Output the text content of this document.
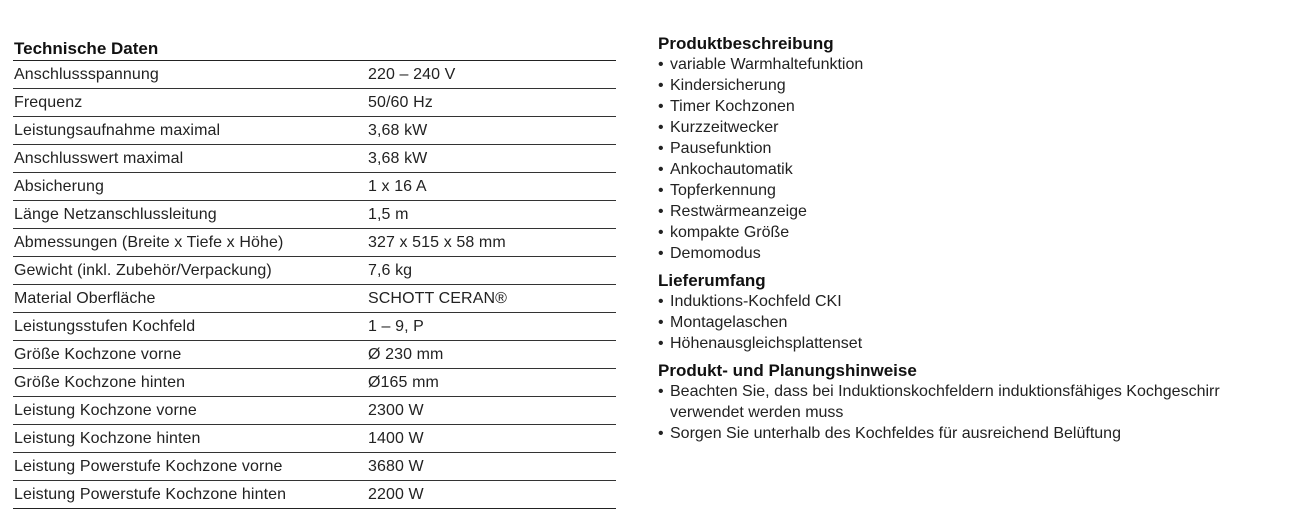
Technische Daten
Anschlussspannung	220 – 240 V
Frequenz	50/60 Hz
Leistungsaufnahme maximal	3,68 kW
Anschlusswert maximal	3,68 kW
Absicherung	1 x 16 A
Länge Netzanschlussleitung	1,5 m
Abmessungen (Breite x Tiefe x Höhe)	327 x 515 x 58 mm
Gewicht (inkl. Zubehör/Verpackung)	7,6 kg
Material Oberfläche	SCHOTT CERAN®
Leistungsstufen Kochfeld	1 – 9, P
Größe Kochzone vorne	Ø 230 mm
Größe Kochzone hinten	Ø165 mm
Leistung Kochzone vorne	2300 W
Leistung Kochzone hinten	1400 W
Leistung Powerstufe Kochzone vorne	3680 W
Leistung Powerstufe Kochzone hinten	2200 W
Produktbeschreibung
• variable Warmhaltefunktion
• Kindersicherung
• Timer Kochzonen
• Kurzzeitwecker
• Pausefunktion
• Ankochautomatik
• Topferkennung
• Restwärmeanzeige
• kompakte Größe
• Demomodus
Lieferumfang
• Induktions-Kochfeld CKI
• Montagelaschen
• Höhenausgleichsplattenset
Produkt- und Planungshinweise
• Beachten Sie, dass bei Induktionskochfeldern induktionsfähiges Kochgeschirr verwendet werden muss
• Sorgen Sie unterhalb des Kochfeldes für ausreichend Belüftung
